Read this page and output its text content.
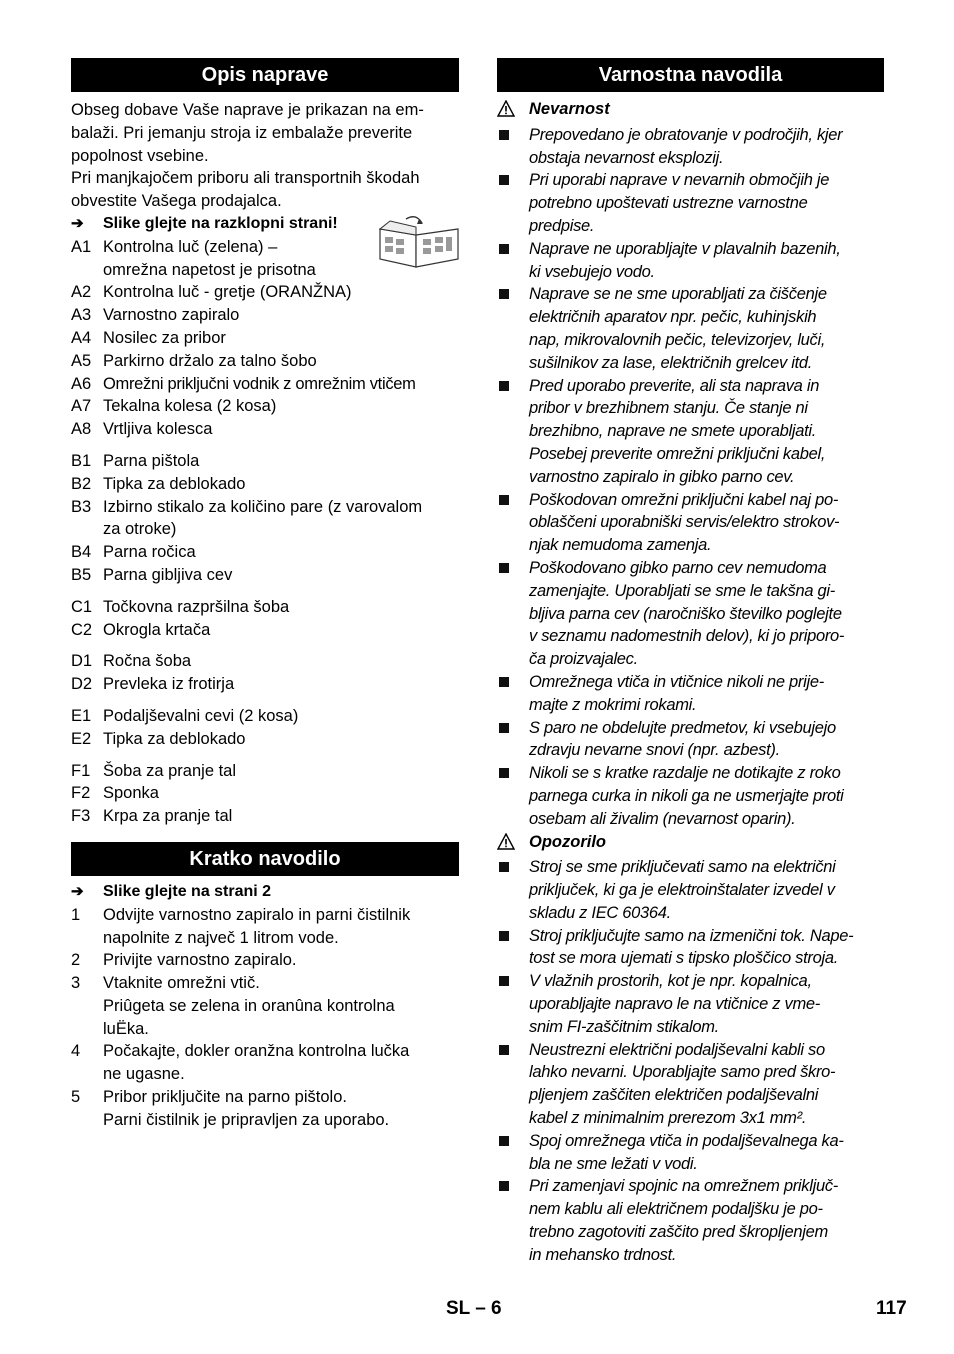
Opis naprave
Obseg dobave Vaše naprave je prikazan na em-
balaži. Pri jemanju stroja iz embalaže preverite
popolnost vsebine.
Pri manjkajočem priboru ali transportnih škodah
obvestite Vašega prodajalca.
➔	Slike glejte na razklopni strani!
A1 Kontrolna luč (zelena) –
omrežna napetost je prisotna
A2 Kontrolna luč - gretje (ORANŽNA)
A3 Varnostno zapiralo
A4 Nosilec za pribor
A5 Parkirno držalo za talno šobo
A6 Omrežni priključni vodnik z omrežnim vtičem
A7 Tekalna kolesa (2 kosa)
A8 Vrtljiva kolesca
B1 Parna pištola
B2 Tipka za deblokado
B3 Izbirno stikalo za količino pare (z varovalom
za otroke)
B4 Parna ročica
B5 Parna gibljiva cev
C1 Točkovna razpršilna šoba
C2 Okrogla krtača
D1 Ročna šoba
D2 Prevleka iz frotirja
E1 Podaljševalni cevi (2 kosa)
E2 Tipka za deblokado
F1 Šoba za pranje tal
F2 Sponka
F3 Krpa za pranje tal
Kratko navodilo
➔	Slike glejte na strani 2
1	Odvijte varnostno zapiralo in parni čistilnik
napolnite z največ 1 litrom vode.
2	Privijte varnostno zapiralo.
3	Vtaknite omrežni vtič.
Priûgeta se zelena in oranûna kontrolna
luËka.
4	Počakajte, dokler oranžna kontrolna lučka
ne ugasne.
5	Pribor priključite na parno pištolo.
Parni čistilnik je pripravljen za uporabo.
Varnostna navodila
Nevarnost
Prepovedano je obratovanje v področjih, kjer
obstaja nevarnost eksplozij.
Pri uporabi naprave v nevarnih območjih je
potrebno upoštevati ustrezne varnostne
predpise.
Naprave ne uporabljajte v plavalnih bazenih,
ki vsebujejo vodo.
Naprave se ne sme uporabljati za čiščenje
električnih aparatov npr. pečic, kuhinjskih
nap, mikrovalovnih pečic, televizorjev, luči,
sušilnikov za lase, električnih grelcev itd.
Pred uporabo preverite, ali sta naprava in
pribor v brezhibnem stanju. Če stanje ni
brezhibno, naprave ne smete uporabljati.
Posebej preverite omrežni priključni kabel,
varnostno zapiralo in gibko parno cev.
Poškodovan omrežni priključni kabel naj po-
oblaščeni uporabniški servis/elektro strokov-
njak nemudoma zamenja.
Poškodovano gibko parno cev nemudoma
zamenjajte. Uporabljati se sme le takšna gi-
bljiva parna cev (naročniško številko poglejte
v seznamu nadomestnih delov), ki jo priporo-
ča proizvajalec.
Omrežnega vtiča in vtičnice nikoli ne prije-
majte z mokrimi rokami.
S paro ne obdelujte predmetov, ki vsebujejo
zdravju nevarne snovi (npr. azbest).
Nikoli se s kratke razdalje ne dotikajte z roko
parnega curka in nikoli ga ne usmerjajte proti
osebam ali živalim (nevarnost oparin).
Opozorilo
Stroj se sme priključevati samo na električni
priključek, ki ga je elektroinštalater izvedel v
skladu z IEC 60364.
Stroj priključujte samo na izmenični tok. Nape-
tost se mora ujemati s tipsko ploščico stroja.
V vlažnih prostorih, kot je npr. kopalnica,
uporabljajte napravo le na vtičnice z vme-
snim FI-zaščitnim stikalom.
Neustrezni električni podaljševalni kabli so
lahko nevarni. Uporabljajte samo pred škro-
pljenjem zaščiten električen podaljševalni
kabel z minimalnim prerezom 3x1 mm².
Spoj omrežnega vtiča in podaljševalnega ka-
bla ne sme ležati v vodi.
Pri zamenjavi spojnic na omrežnem priključ-
nem kablu ali električnem podaljšku je po-
trebno zagotoviti zaščito pred škropljenjem
in mehansko trdnost.
SL – 6	117
